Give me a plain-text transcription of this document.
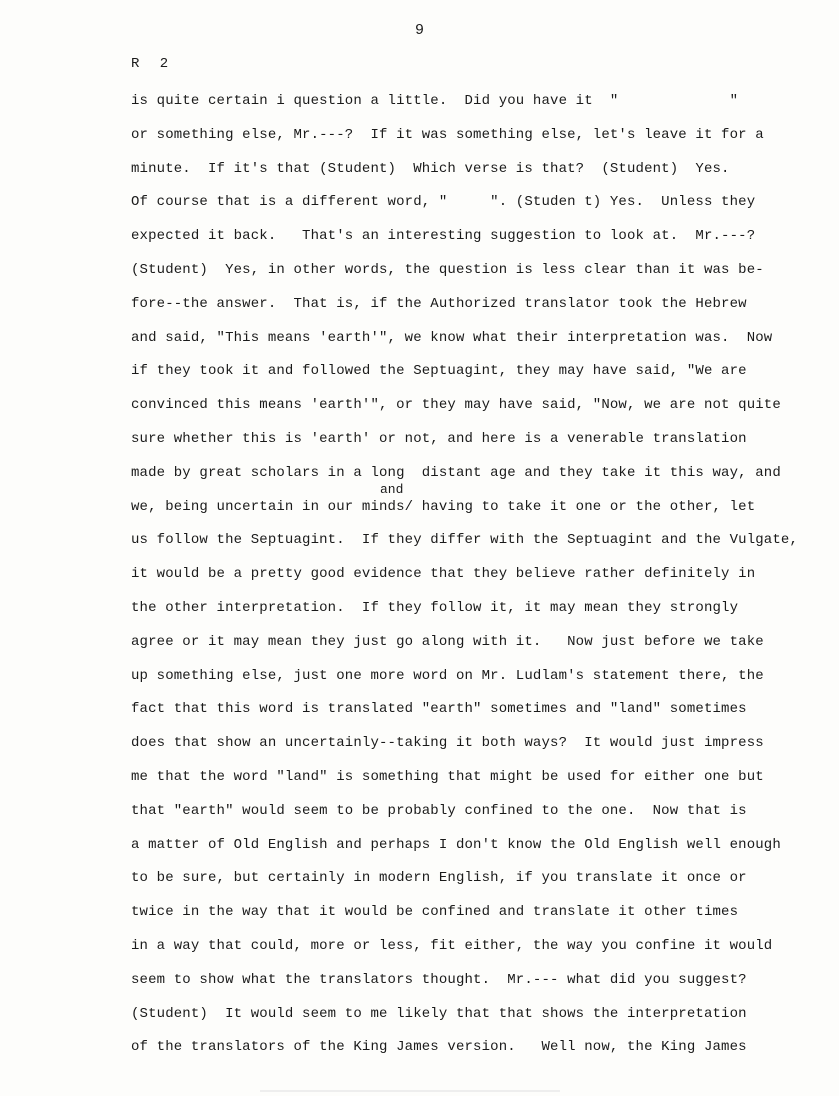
9
R 2
is quite certain i question a little.  Did you have it  "             "
or something else, Mr.---?  If it was something else, let's leave it for a
minute.  If it's that (Student)  Which verse is that?  (Student)  Yes.
Of course that is a different word, "     ". (Studen t) Yes.  Unless they
expected it back.   That's an interesting suggestion to look at.  Mr.---?
(Student)  Yes, in other words, the question is less clear than it was be-
fore--the answer.  That is, if the Authorized translator took the Hebrew
and said, "This means 'earth'", we know what their interpretation was.  Now
if they took it and followed the Septuagint, they may have said, "We are
convinced this means 'earth'", or they may have said, "Now, we are not quite
sure whether this is 'earth' or not, and here is a venerable translation
made by great scholars in a long  distant age and they take it this way, and
we, being uncertain in our minds/ having to take it one or the other, let
us follow the Septuagint.  If they differ with the Septuagint and the Vulgate,
it would be a pretty good evidence that they believe rather definitely in
the other interpretation.  If they follow it, it may mean they strongly
agree or it may mean they just go along with it.   Now just before we take
up something else, just one more word on Mr. Ludlam's statement there, the
fact that this word is translated "earth" sometimes and "land" sometimes
does that show an uncertainly--taking it both ways?  It would just impress
me that the word "land" is something that might be used for either one but
that "earth" would seem to be probably confined to the one.  Now that is
a matter of Old English and perhaps I don't know the Old English well enough
to be sure, but certainly in modern English, if you translate it once or
twice in the way that it would be confined and translate it other times
in a way that could, more or less, fit either, the way you confine it would
seem to show what the translators thought.  Mr.--- what did you suggest?
(Student)  It would seem to me likely that that shows the interpretation
of the translators of the King James version.   Well now, the King James
and
